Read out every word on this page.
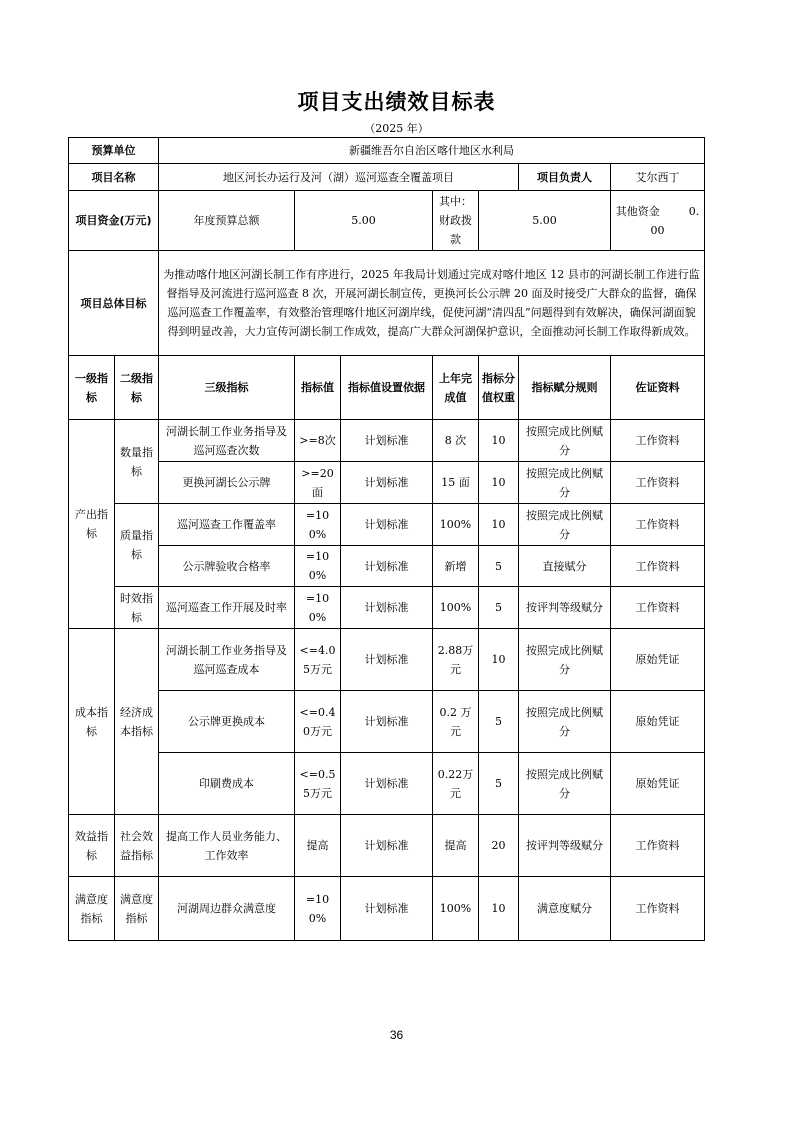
项目支出绩效目标表
（2025 年）
预算单位		新疆维吾尔自治区喀什地区水利局						
项目名称		地区河长办运行及河（湖）巡河巡查全覆盖项目					项目负责人	艾尔西丁
项目资金(万元)		年度预算总额	5.00		其中：财政拨款	5.00		其他资金 0.00
项目总体目标		为推动喀什地区河湖长制工作有序进行，2025 年我局计划通过完成对喀什地区 12 县市的河湖长制工作进行监督指导及河流进行巡河巡查 8 次，开展河湖长制宣传，更换河长公示牌 20 面及时接受广大群众的监督，确保巡河巡查工作覆盖率，有效整治管理喀什地区河湖岸线，促使河湖“清四乱”问题得到有效解决，确保河湖面貌得到明显改善，大力宣传河湖长制工作成效，提高广大群众河湖保护意识，全面推动河长制工作取得新成效。						
一级指标	二级指标	三级指标	指标值	指标值设置依据	上年完成值	指标分值权重	指标赋分规则	佐证资料
产出指标	数量指标	河湖长制工作业务指导及巡河巡查次数	>=8次	计划标准	8 次	10	按照完成比例赋分	工作资料
		更换河湖长公示牌	>=20面	计划标准	15 面	10	按照完成比例赋分	工作资料
	质量指标	巡河巡查工作覆盖率	=100%	计划标准	100%	10	按照完成比例赋分	工作资料
		公示牌验收合格率	=100%	计划标准	新增	5	直接赋分	工作资料
	时效指标	巡河巡查工作开展及时率	=100%	计划标准	100%	5	按评判等级赋分	工作资料
成本指标	经济成本指标	河湖长制工作业务指导及巡河巡查成本	<=4.05万元	计划标准	2.88万元	10	按照完成比例赋分	原始凭证
		公示牌更换成本	<=0.40万元	计划标准	0.2 万元	5	按照完成比例赋分	原始凭证
		印刷费成本	<=0.55万元	计划标准	0.22万元	5	按照完成比例赋分	原始凭证
效益指标	社会效益指标	提高工作人员业务能力、工作效率	提高	计划标准	提高	20	按评判等级赋分	工作资料
满意度指标	满意度指标	河湖周边群众满意度	=100%	计划标准	100%	10	满意度赋分	工作资料
36
